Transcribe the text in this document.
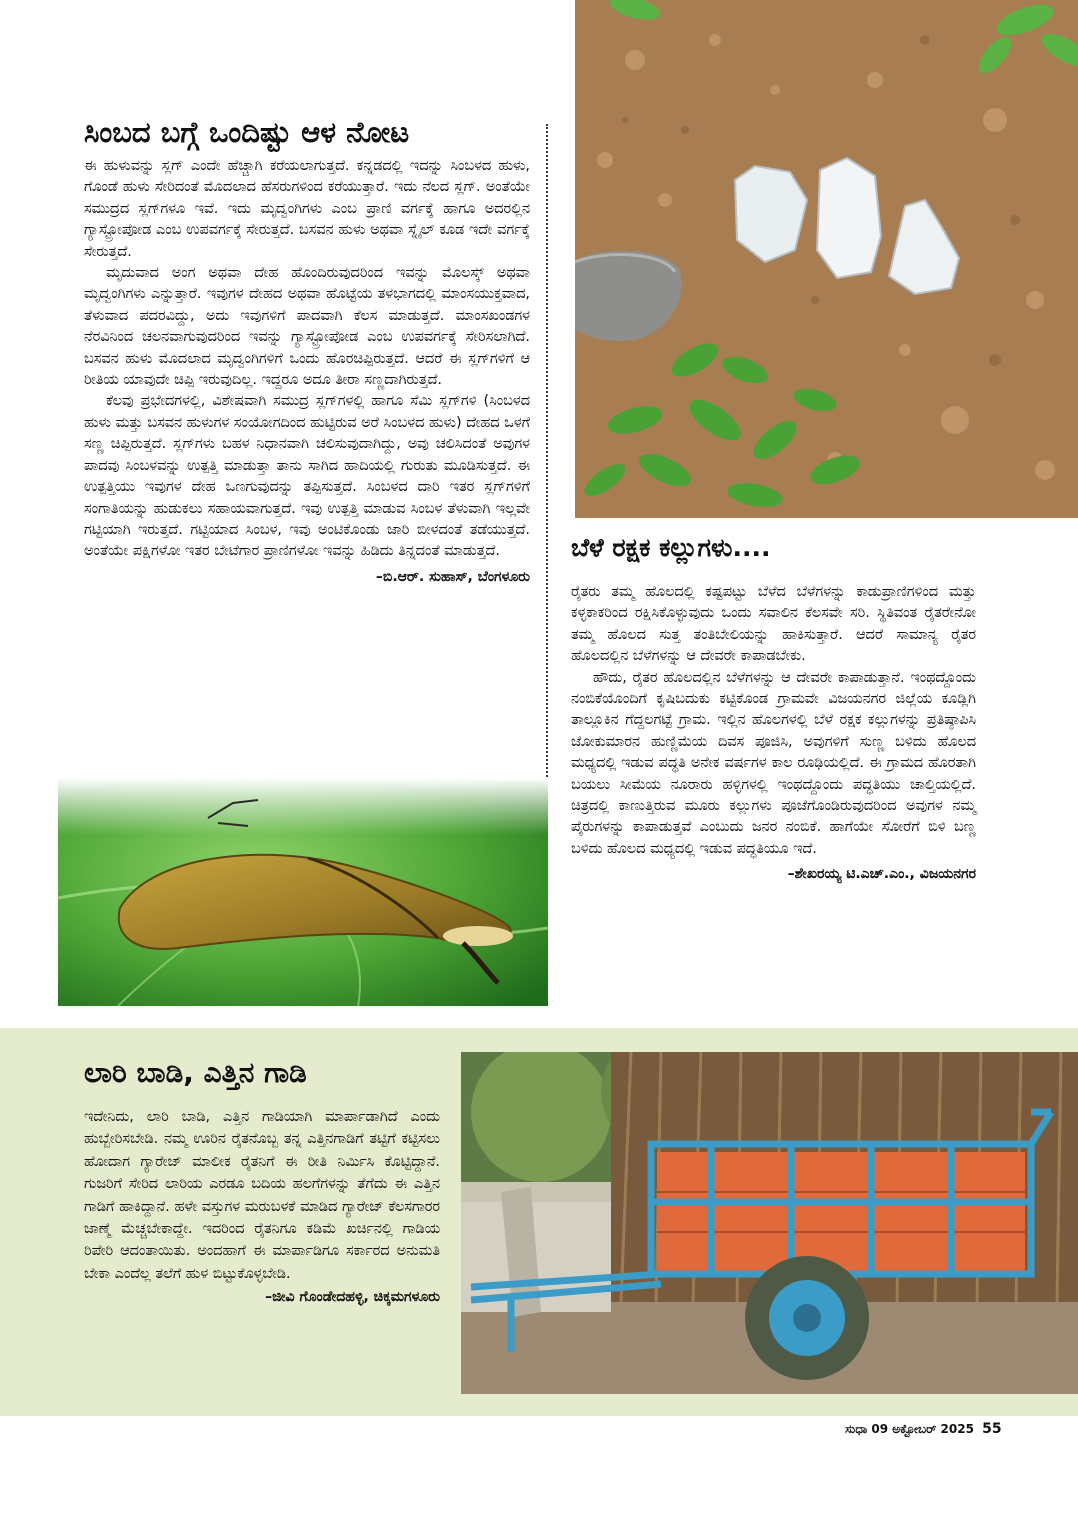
ಸಿಂಬದ ಬಗ್ಗೆ ಒಂದಿಷ್ಟು ಆಳ ನೋಟ

ಈ ಹುಳುವನ್ನು ಸ್ಲಗ್ ಎಂದೇ ಹೆಚ್ಚಾಗಿ ಕರೆಯಲಾಗುತ್ತದೆ. ಕನ್ನಡದಲ್ಲಿ ಇದನ್ನು ಸಿಂಬಳದ ಹುಳು, ಗೊಂಡೆ ಹುಳು ಸೇರಿದಂತೆ ಮೊದಲಾದ ಹೆಸರುಗಳಿಂದ ಕರೆಯುತ್ತಾರೆ. ಇದು ನೆಲದ ಸ್ಲಗ್. ಅಂತೆಯೇ ಸಮುದ್ರದ ಸ್ಲಗ್‌ಗಳೂ ಇವೆ. ಇದು ಮೃದ್ವಂಗಿಗಳು ಎಂಬ ಪ್ರಾಣಿ ವರ್ಗಕ್ಕೆ ಹಾಗೂ ಅದರಲ್ಲಿನ ಗ್ಯಾಸ್ಟ್ರೋಪೋಡ ಎಂಬ ಉಪವರ್ಗಕ್ಕೆ ಸೇರುತ್ತದೆ. ಬಸವನ ಹುಳು ಅಥವಾ ಸ್ನೈಲ್ ಕೂಡ ಇದೇ ವರ್ಗಕ್ಕೆ ಸೇರುತ್ತದೆ.

ಮೃದುವಾದ ಅಂಗ ಅಥವಾ ದೇಹ ಹೊಂದಿರುವುದರಿಂದ ಇವನ್ನು ಮೊಲಸ್ಕ್ ಅಥವಾ ಮೃದ್ವಂಗಿಗಳು ಎನ್ನುತ್ತಾರೆ. ಇವುಗಳ ದೇಹದ ಅಥವಾ ಹೊಟ್ಟೆಯ ತಳಭಾಗದಲ್ಲಿ ಮಾಂಸಯುಕ್ತವಾದ, ತೆಳುವಾದ ಪದರವಿದ್ದು, ಅದು ಇವುಗಳಿಗೆ ಪಾದವಾಗಿ ಕೆಲಸ ಮಾಡುತ್ತದೆ. ಮಾಂಸಖಂಡಗಳ ನೆರವಿನಿಂದ ಚಲನವಾಗುವುದರಿಂದ ಇವನ್ನು ಗ್ಯಾಸ್ಟ್ರೋಪೋಡ ಎಂಬ ಉಪವರ್ಗಕ್ಕೆ ಸೇರಿಸಲಾಗಿದೆ. ಬಸವನ ಹುಳು ಮೊದಲಾದ ಮೃದ್ವಂಗಿಗಳಿಗೆ ಒಂದು ಹೊರಚಿಪ್ಪಿರುತ್ತದೆ. ಆದರೆ ಈ ಸ್ಲಗ್‌ಗಳಿಗೆ ಆ ರೀತಿಯ ಯಾವುದೇ ಚಿಪ್ಪಿ ಇರುವುದಿಲ್ಲ. ಇದ್ದರೂ ಅದೂ ತೀರಾ ಸಣ್ಣದಾಗಿರುತ್ತದೆ.

ಕೆಲವು ಪ್ರಭೇದಗಳಲ್ಲಿ, ವಿಶೇಷವಾಗಿ ಸಮುದ್ರ ಸ್ಲಗ್‌ಗಳಲ್ಲಿ ಹಾಗೂ ಸೆಮಿ ಸ್ಲಗ್‌ಗಳಿ (ಸಿಂಬಳದ ಹುಳು ಮತ್ತು ಬಸವನ ಹುಳುಗಳ ಸಂಯೋಗದಿಂದ ಹುಟ್ಟಿರುವ ಅರೆ ಸಿಂಬಳದ ಹುಳು) ದೇಹದ ಒಳಗೆ ಸಣ್ಣ ಚಿಪ್ಪಿರುತ್ತದೆ. ಸ್ಲಗ್‌ಗಳು ಬಹಳ ನಿಧಾನವಾಗಿ ಚಲಿಸುವುದಾಗಿದ್ದು, ಅವು ಚಲಿಸಿದಂತೆ ಅವುಗಳ ಪಾದವು ಸಿಂಬಳವನ್ನು ಉತ್ಪತ್ತಿ ಮಾಡುತ್ತಾ ತಾನು ಸಾಗಿದ ಹಾದಿಯಲ್ಲಿ ಗುರುತು ಮೂಡಿಸುತ್ತದೆ. ಈ ಉತ್ಪತ್ತಿಯು ಇವುಗಳ ದೇಹ ಒಣಗುವುದನ್ನು ತಪ್ಪಿಸುತ್ತದೆ. ಸಿಂಬಳದ ದಾರಿ ಇತರ ಸ್ಲಗ್‌ಗಳಿಗೆ ಸಂಗಾತಿಯನ್ನು ಹುಡುಕಲು ಸಹಾಯವಾಗುತ್ತದೆ. ಇವು ಉತ್ಪತ್ತಿ ಮಾಡುವ ಸಿಂಬಳ ತೆಳುವಾಗಿ ಇಲ್ಲವೇ ಗಟ್ಟಿಯಾಗಿ ಇರುತ್ತದೆ. ಗಟ್ಟಿಯಾದ ಸಿಂಬಳ, ಇವು ಅಂಟಿಕೊಂಡು ಜಾರಿ ಬೀಳದಂತೆ ತಡೆಯುತ್ತದೆ. ಅಂತೆಯೇ ಪಕ್ಷಿಗಳೋ ಇತರ ಬೇಟೆಗಾರ ಪ್ರಾಣಿಗಳೋ ಇವನ್ನು ಹಿಡಿದು ತಿನ್ನದಂತೆ ಮಾಡುತ್ತದೆ.

–ಬಿ.ಆರ್. ಸುಹಾಸ್, ಬೆಂಗಳೂರು
ಬೆಳೆ ರಕ್ಷಕ ಕಲ್ಲುಗಳು....

ರೈತರು ತಮ್ಮ ಹೊಲದಲ್ಲಿ ಕಷ್ಟಪಟ್ಟು ಬೆಳೆದ ಬೆಳೆಗಳನ್ನು ಕಾಡುಪ್ರಾಣಿಗಳಿಂದ ಮತ್ತು ಕಳ್ಳಕಾಕರಿಂದ ರಕ್ಷಿಸಿಕೊಳ್ಳುವುದು ಒಂದು ಸವಾಲಿನ ಕೆಲಸವೇ ಸರಿ. ಸ್ಥಿತಿವಂತ ರೈತರೇನೋ ತಮ್ಮ ಹೊಲದ ಸುತ್ತ ತಂತಿಬೇಲಿಯನ್ನು ಹಾಕಿಸುತ್ತಾರೆ. ಆದರೆ ಸಾಮಾನ್ಯ ರೈತರ ಹೊಲದಲ್ಲಿನ ಬೆಳೆಗಳನ್ನು ಆ ದೇವರೇ ಕಾಪಾಡಬೇಕು.

ಹೌದು, ರೈತರ ಹೊಲದಲ್ಲಿನ ಬೆಳೆಗಳನ್ನು ಆ ದೇವರೇ ಕಾಪಾಡುತ್ತಾನೆ. ಇಂಥದ್ದೊಂದು ನಂಬಿಕೆಯೊಂದಿಗೆ ಕೃಷಿಬದುಕು ಕಟ್ಟಿಕೊಂಡ ಗ್ರಾಮವೇ ವಿಜಯನಗರ ಜಿಲ್ಲೆಯ ಕೂಡ್ಲಿಗಿ ತಾಲ್ಲೂಕಿನ ಗೆದ್ದಲಗಟ್ಟೆ ಗ್ರಾಮ. ಇಲ್ಲಿನ ಹೊಲಗಳಲ್ಲಿ ಬೆಳೆ ರಕ್ಷಕ ಕಲ್ಲುಗಳನ್ನು ಪ್ರತಿಷ್ಠಾಪಿಸಿ ಜೋಕುಮಾರನ ಹುಣ್ಣಿಮೆಯ ದಿವಸ ಪೂಜಿಸಿ, ಅವುಗಳಿಗೆ ಸುಣ್ಣ ಬಳಿದು ಹೊಲದ ಮಧ್ಯದಲ್ಲಿ ಇಡುವ ಪದ್ಧತಿ ಅನೇಕ ವರ್ಷಗಳ ಕಾಲ ರೂಢಿಯಲ್ಲಿದೆ. ಈ ಗ್ರಾಮದ ಹೊರತಾಗಿ ಬಯಲು ಸೀಮೆಯ ನೂರಾರು ಹಳ್ಳಿಗಳಲ್ಲಿ ಇಂಥದ್ದೊಂದು ಪದ್ಧತಿಯು ಚಾಲ್ತಿಯಲ್ಲಿದೆ. ಚಿತ್ರದಲ್ಲಿ ಕಾಣುತ್ತಿರುವ ಮೂರು ಕಲ್ಲುಗಳು ಪೂಜೆಗೊಂಡಿರುವುದರಿಂದ ಅವುಗಳ ನಮ್ಮ ಪೈರುಗಳನ್ನು ಕಾಪಾಡುತ್ತವೆ ಎಂಬುದು ಜನರ ನಂಬಿಕೆ. ಹಾಗೆಯೇ ಸೋರೆಗೆ ಬಿಳಿ ಬಣ್ಣ ಬಳಿದು ಹೊಲದ ಮಧ್ಯದಲ್ಲಿ ಇಡುವ ಪದ್ಧತಿಯೂ ಇದೆ.

–ಶೇಖರಯ್ಯ ಟಿ.ಎಚ್.ಎಂ., ವಿಜಯನಗರ
ಲಾರಿ ಬಾಡಿ, ಎತ್ತಿನ ಗಾಡಿ

ಇದೇನಿದು, ಲಾರಿ ಬಾಡಿ, ಎತ್ತಿನ ಗಾಡಿಯಾಗಿ ಮಾರ್ಪಾಡಾಗಿದೆ ಎಂದು ಹುಬ್ಬೇರಿಸಬೇಡಿ. ನಮ್ಮ ಊರಿನ ರೈತನೊಬ್ಬ ತನ್ನ ಎತ್ತಿನಗಾಡಿಗೆ ತಟ್ಟಿಗೆ ಕಟ್ಟಿಸಲು ಹೋದಾಗ ಗ್ಯಾರೇಜ್ ಮಾಲೀಕ ರೈತನಿಗೆ ಈ ರೀತಿ ನಿರ್ಮಿಸಿ ಕೊಟ್ಟಿದ್ದಾನೆ. ಗುಜರಿಗೆ ಸೇರಿದ ಲಾರಿಯ ಎರಡೂ ಬದಿಯ ಹಲಗೆಗಳನ್ನು ತೆಗೆದು ಈ ಎತ್ತಿನ ಗಾಡಿಗೆ ಹಾಕಿದ್ದಾನೆ. ಹಳೇ ವಸ್ತುಗಳ ಮರುಬಳಕೆ ಮಾಡಿದ ಗ್ಯಾರೇಜ್ ಕೆಲಸಗಾರರ ಜಾಣ್ಮೆ ಮೆಚ್ಚಬೇಕಾದ್ದೇ. ಇದರಿಂದ ರೈತನಿಗೂ ಕಡಿಮೆ ಖರ್ಚಿನಲ್ಲಿ ಗಾಡಿಯ ರಿಪೇರಿ ಆದಂತಾಯಿತು. ಅಂದಹಾಗೆ ಈ ಮಾರ್ಪಾಡಿಗೂ ಸರ್ಕಾರದ ಅನುಮತಿ ಬೇಕಾ ಎಂದೆಲ್ಲ ತಲೆಗೆ ಹುಳ ಬಿಟ್ಟುಕೊಳ್ಳಬೇಡಿ.

–ಜೀವಿ ಗೊಂಡೇದಹಳ್ಳಿ, ಚಿಕ್ಕಮಗಳೂರು
ಸುಧಾ 09 ಅಕ್ಟೋಬರ್ 2025 55
